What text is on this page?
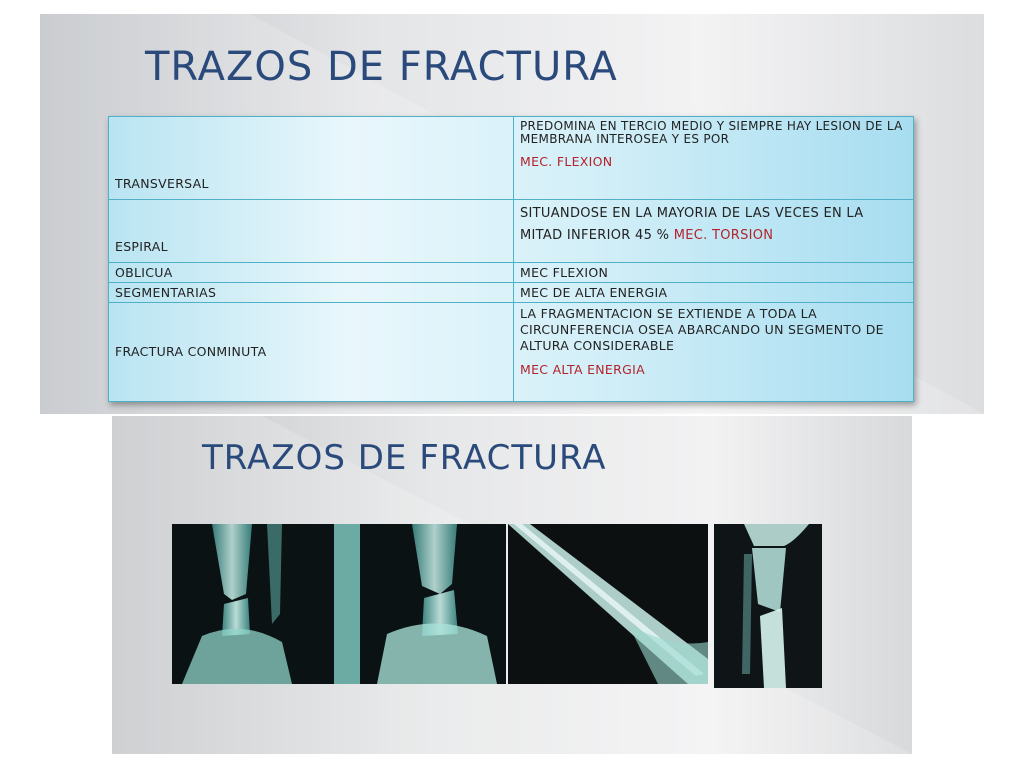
TRAZOS DE FRACTURA
TRANSVERSAL	PREDOMINA EN TERCIO MEDIO Y SIEMPRE HAY LESION DE LA MEMBRANA INTEROSEA Y ES POR
MEC. FLEXION

ESPIRAL	SITUANDOSE EN LA MAYORIA DE LAS VECES EN LA MITAD INFERIOR 45 % MEC. TORSION

OBLICUA	MEC FLEXION
SEGMENTARIAS	MEC DE ALTA ENERGIA
FRACTURA CONMINUTA	LA FRAGMENTACION SE EXTIENDE A TODA LA CIRCUNFERENCIA OSEA ABARCANDO UN SEGMENTO DE ALTURA CONSIDERABLE
MEC ALTA ENERGIA
TRAZOS DE FRACTURA
